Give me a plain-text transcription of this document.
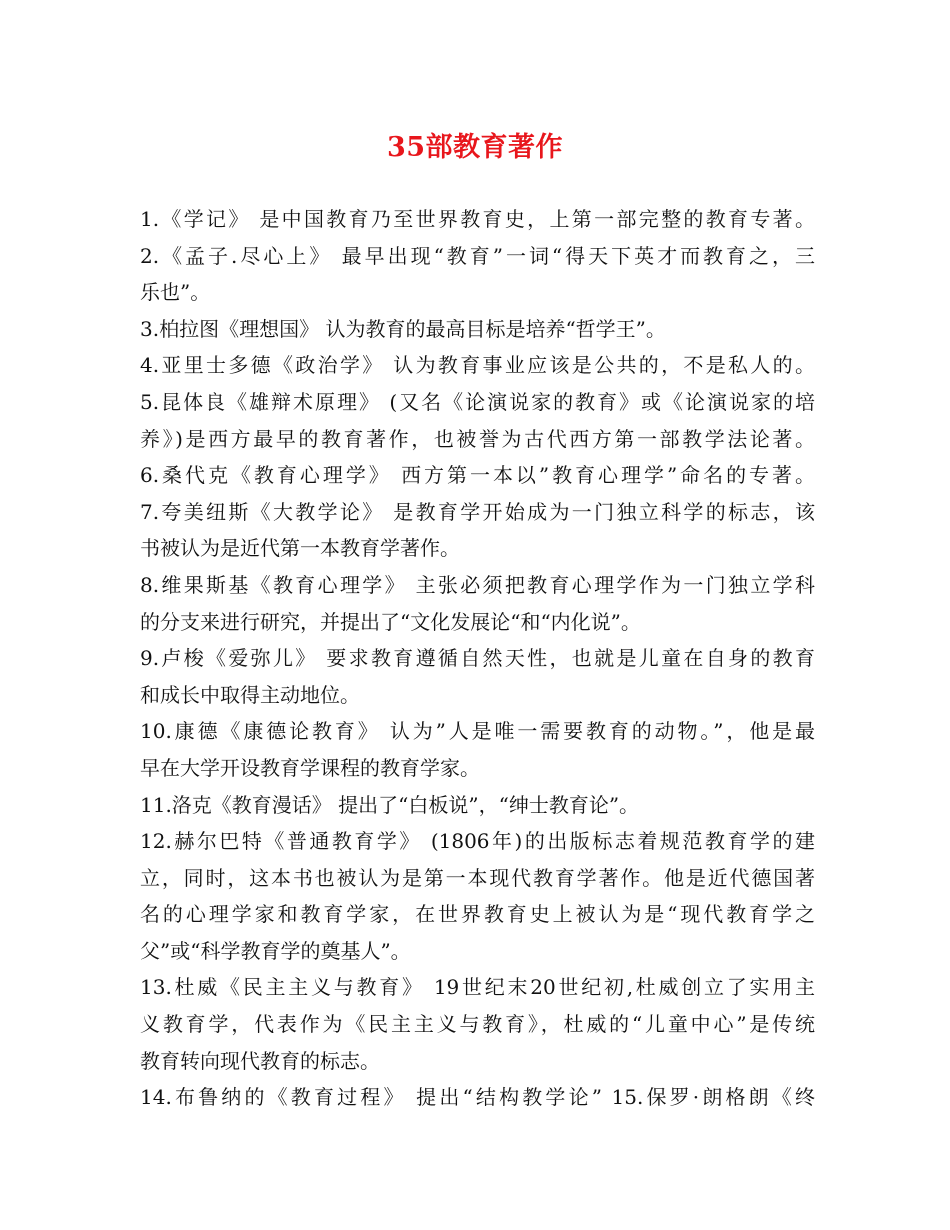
35部教育著作
1.《学记》 是中国教育乃至世界教育史，上第一部完整的教育专著。
2.《孟子.尽心上》 最早出现“教育”一词“得天下英才而教育之，三
乐也”。
3.柏拉图《理想国》 认为教育的最高目标是培养“哲学王”。
4.亚里士多德《政治学》 认为教育事业应该是公共的，不是私人的。
5.昆体良《雄辩术原理》 (又名《论演说家的教育》或《论演说家的培
养》)是西方最早的教育著作，也被誉为古代西方第一部教学法论著。
6.桑代克《教育心理学》 西方第一本以”教育心理学”命名的专著。
7.夸美纽斯《大教学论》 是教育学开始成为一门独立科学的标志，该
书被认为是近代第一本教育学著作。
8.维果斯基《教育心理学》 主张必须把教育心理学作为一门独立学科
的分支来进行研究，并提出了“文化发展论“和“内化说”。
9.卢梭《爱弥儿》 要求教育遵循自然天性，也就是儿童在自身的教育
和成长中取得主动地位。
10.康德《康德论教育》 认为”人是唯一需要教育的动物。”，他是最
早在大学开设教育学课程的教育学家。
11.洛克《教育漫话》 提出了“白板说”，“绅士教育论”。
12.赫尔巴特《普通教育学》 (1806年)的出版标志着规范教育学的建
立，同时，这本书也被认为是第一本现代教育学著作。他是近代德国著
名的心理学家和教育学家，在世界教育史上被认为是“现代教育学之
父”或“科学教育学的奠基人”。
13.杜威《民主主义与教育》 19世纪末20世纪初,杜威创立了实用主
义教育学，代表作为《民主主义与教育》，杜威的“儿童中心”是传统
教育转向现代教育的标志。
14.布鲁纳的《教育过程》 提出“结构教学论” 15.保罗·朗格朗《终
